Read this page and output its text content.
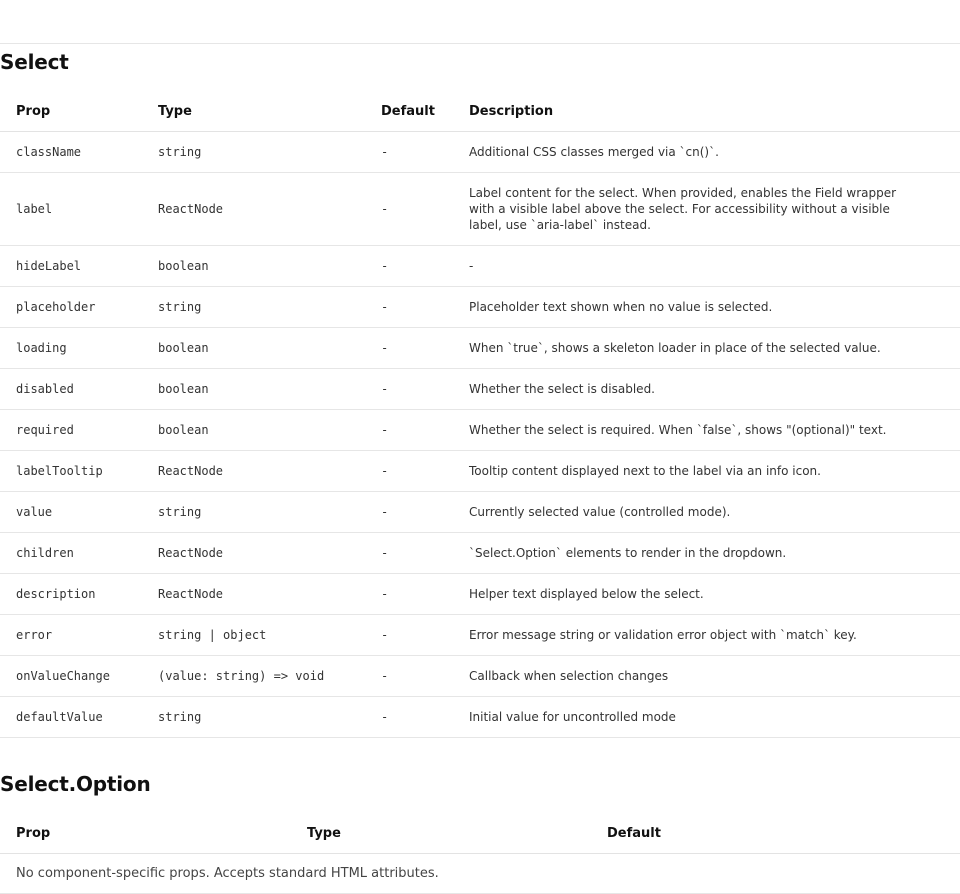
Select
Prop	Type	Default	Description
className	string	-	Additional CSS classes merged via `cn()`.
label	ReactNode	-	Label content for the select. When provided, enables the Field wrapper with a visible label above the select. For accessibility without a visible label, use `aria-label` instead.
hideLabel	boolean	-	-
placeholder	string	-	Placeholder text shown when no value is selected.
loading	boolean	-	When `true`, shows a skeleton loader in place of the selected value.
disabled	boolean	-	Whether the select is disabled.
required	boolean	-	Whether the select is required. When `false`, shows "(optional)" text.
labelTooltip	ReactNode	-	Tooltip content displayed next to the label via an info icon.
value	string	-	Currently selected value (controlled mode).
children	ReactNode	-	`Select.Option` elements to render in the dropdown.
description	ReactNode	-	Helper text displayed below the select.
error	string | object	-	Error message string or validation error object with `match` key.
onValueChange	(value: string) => void	-	Callback when selection changes
defaultValue	string	-	Initial value for uncontrolled mode
Select.Option
Prop	Type	Default
No component-specific props. Accepts standard HTML attributes.
